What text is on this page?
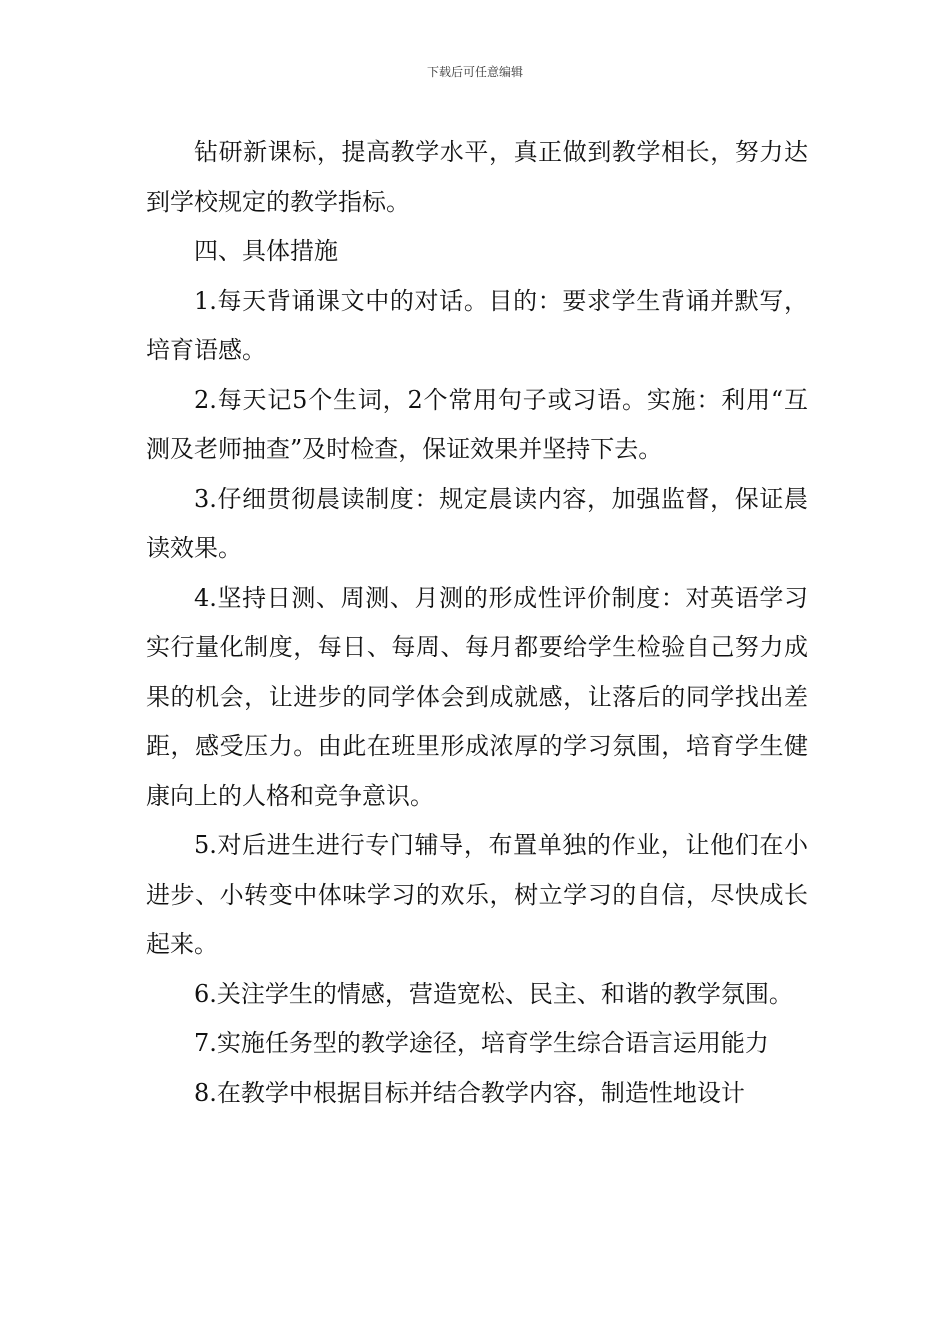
下载后可任意编辑

钻研新课标，提高教学水平，真正做到教学相长，努力达到学校规定的教学指标。

四、具体措施

1.每天背诵课文中的对话。目的：要求学生背诵并默写，培育语感。

2.每天记5个生词，2个常用句子或习语。实施：利用“互测及老师抽查”及时检查，保证效果并坚持下去。

3.仔细贯彻晨读制度：规定晨读内容，加强监督，保证晨读效果。

4.坚持日测、周测、月测的形成性评价制度：对英语学习实行量化制度，每日、每周、每月都要给学生检验自己努力成果的机会，让进步的同学体会到成就感，让落后的同学找出差距，感受压力。由此在班里形成浓厚的学习氛围，培育学生健康向上的人格和竞争意识。

5.对后进生进行专门辅导，布置单独的作业，让他们在小进步、小转变中体味学习的欢乐，树立学习的自信，尽快成长起来。

6.关注学生的情感，营造宽松、民主、和谐的教学氛围。

7.实施任务型的教学途径，培育学生综合语言运用能力

8.在教学中根据目标并结合教学内容，制造性地设计
